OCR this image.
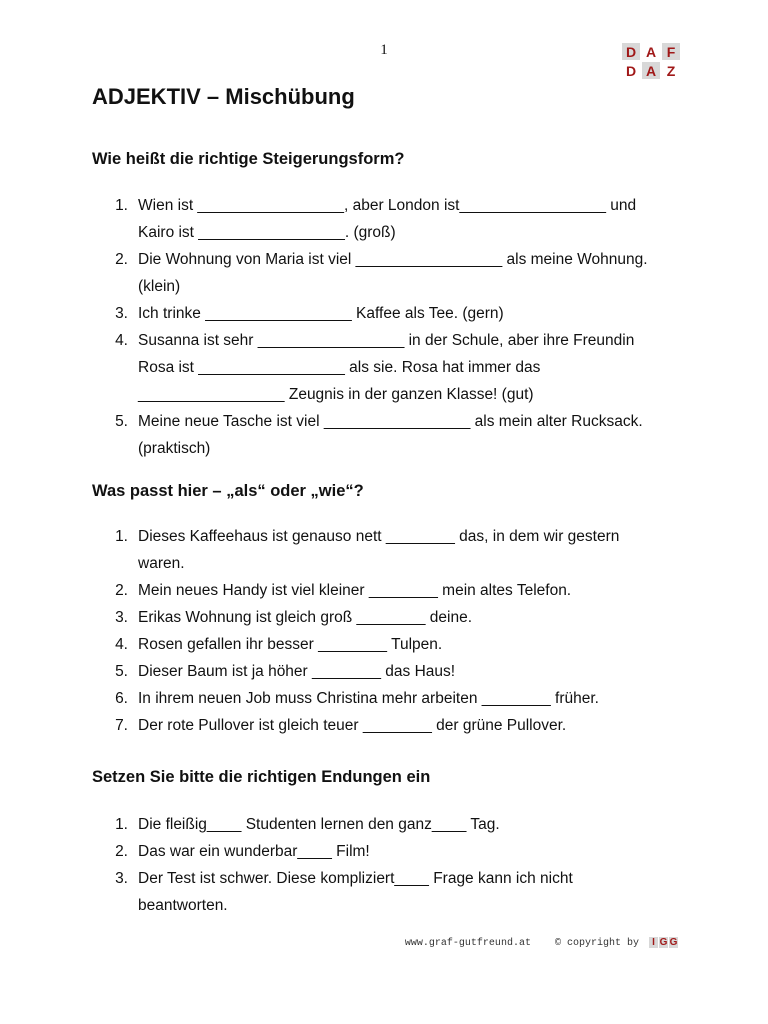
1	D A F
D A Z
ADJEKTIV – Mischübung
Wie heißt die richtige Steigerungsform?
1. Wien ist _________________, aber London ist_________________ und
Kairo ist _________________. (groß)
2. Die Wohnung von Maria ist viel _________________ als meine Wohnung.
(klein)
3. Ich trinke _________________ Kaffee als Tee. (gern)
4. Susanna ist sehr _________________ in der Schule, aber ihre Freundin
Rosa ist _________________ als sie. Rosa hat immer das
_________________ Zeugnis in der ganzen Klasse! (gut)
5. Meine neue Tasche ist viel _________________ als mein alter Rucksack.
(praktisch)
Was passt hier – „als“ oder „wie“?
1. Dieses Kaffeehaus ist genauso nett ________ das, in dem wir gestern
waren.
2. Mein neues Handy ist viel kleiner ________ mein altes Telefon.
3. Erikas Wohnung ist gleich groß ________ deine.
4. Rosen gefallen ihr besser ________ Tulpen.
5. Dieser Baum ist ja höher ________ das Haus!
6. In ihrem neuen Job muss Christina mehr arbeiten ________ früher.
7. Der rote Pullover ist gleich teuer ________ der grüne Pullover.
Setzen Sie bitte die richtigen Endungen ein
1. Die fleißig____ Studenten lernen den ganz____ Tag.
2. Das war ein wunderbar____ Film!
3. Der Test ist schwer. Diese kompliziert____ Frage kann ich nicht
beantworten.
www.graf-gutfreund.at © copyright by I G G
